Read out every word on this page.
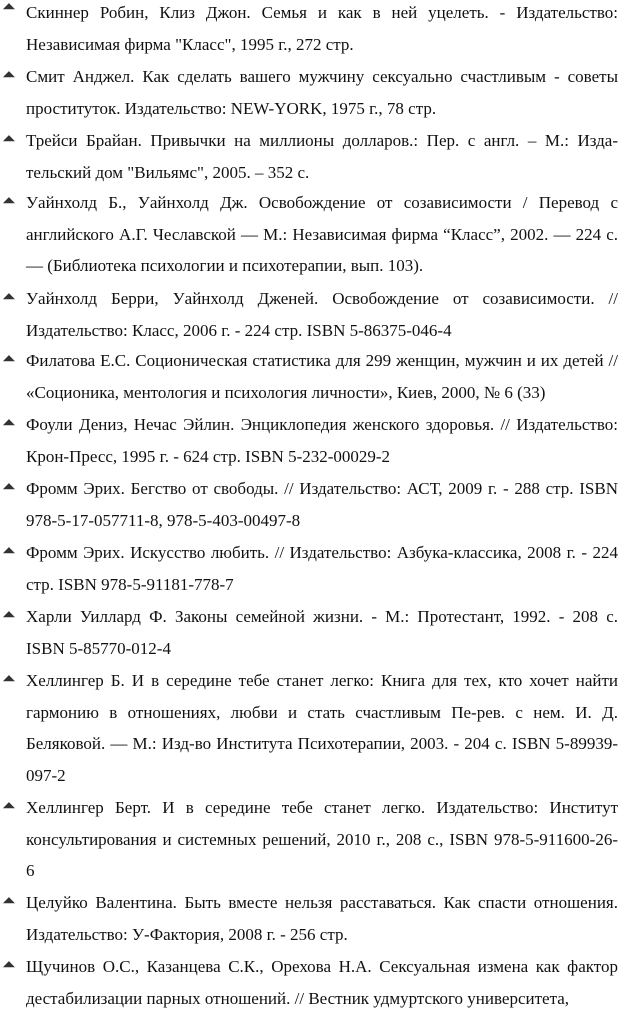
⏶ Скиннер Робин, Клиз Джон. Семья и как в ней уцелеть. - Издательство:
Независимая фирма "Класс", 1995 г., 272 стр.
⏶ Смит Анджел. Как сделать вашего мужчину сексуально счастливым - советы
проституток. Издательство: NEW-YORK, 1975 г., 78 стр.
⏶ Трейси Брайан. Привычки на миллионы долларов.: Пер. с англ. – М.: Изда-
тельский дом "Вильямс", 2005. – 352 с.
⏶ Уайнхолд Б., Уайнхолд Дж. Освобождение от созависимости / Перевод с
английского А.Г. Чеславской — М.: Независимая фирма “Класс”, 2002. — 224 с.
— (Библиотека психологии и психотерапии, вып. 103).
⏶ Уайнхолд Берри, Уайнхолд Дженей. Освобождение от созависимости. //
Издательство: Класс, 2006 г. - 224 стр. ISBN 5-86375-046-4
⏶ Филатова Е.С. Соционическая статистика для 299 женщин, мужчин и их детей //
«Соционика, ментология и психология личности», Киев, 2000, № 6 (33)
⏶ Фоули Дениз, Нечас Эйлин. Энциклопедия женского здоровья. // Издательство:
Крон-Пресс, 1995 г. - 624 стр. ISBN 5-232-00029-2
⏶ Фромм Эрих. Бегство от свободы. // Издательство: АСТ, 2009 г. - 288 стр. ISBN
978-5-17-057711-8, 978-5-403-00497-8
⏶ Фромм Эрих. Искусство любить. // Издательство: Азбука-классика, 2008 г. - 224
стр. ISBN 978-5-91181-778-7
⏶ Харли Уиллард Ф. Законы семейной жизни. - М.: Протестант, 1992. - 208 с.
ISBN 5-85770-012-4
⏶ Хеллингер Б. И в середине тебе станет легко: Книга для тех, кто хочет найти
гармонию в отношениях, любви и стать счастливым Пе-рев. с нем. И. Д.
Беляковой. — М.: Изд-во Института Психотерапии, 2003. - 204 с. ISBN 5-89939-
097-2
⏶ Хеллингер Берт. И в середине тебе станет легко. Издательство: Институт
консультирования и системных решений, 2010 г., 208 с., ISBN 978-5-911600-26-
6
⏶ Целуйко Валентина. Быть вместе нельзя расставаться. Как спасти отношения.
Издательство: У-Фактория, 2008 г. - 256 стр.
⏶ Щучинов О.С., Казанцева С.К., Орехова Н.А. Сексуальная измена как фактор
дестабилизации парных отношений. // Вестник удмуртского университета,
